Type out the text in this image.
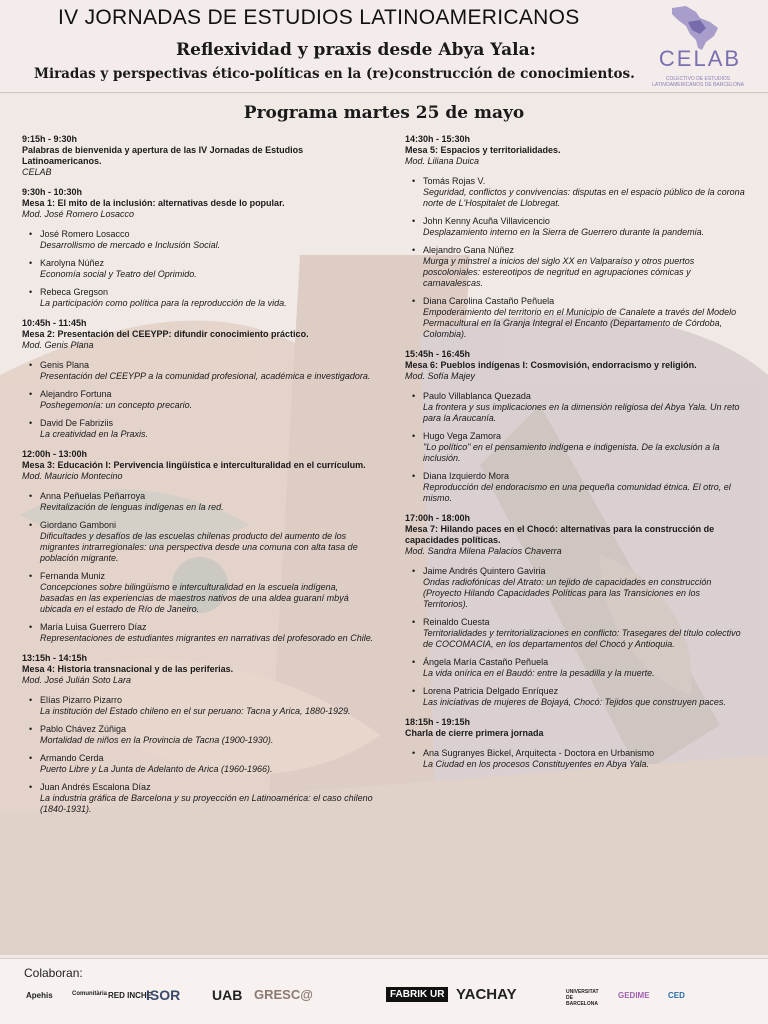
IV JORNADAS DE ESTUDIOS LATINOAMERICANOS
Reflexividad y praxis desde Abya Yala:
Miradas y perspectivas ético-políticas en la (re)construcción de conocimientos.
CELAB
COLECTIVO DE ESTUDIOS LATINOAMERICANOS DE BARCELONA
Programa martes 25 de mayo
9:15h - 9:30h
Palabras de bienvenida y apertura de las IV Jornadas de Estudios Latinoamericanos.
CELAB
9:30h - 10:30h
Mesa 1: El mito de la inclusión: alternativas desde lo popular.
Mod. José Romero Losacco
• José Romero Losacco
Desarrollismo de mercado e Inclusión Social.
• Karolyna Núñez
Economía social y Teatro del Oprimido.
• Rebeca Gregson
La participación como política para la reproducción de la vida.
10:45h - 11:45h
Mesa 2: Presentación del CEEYPP: difundir conocimiento práctico.
Mod. Genis Plana
• Genis Plana
Presentación del CEEYPP a la comunidad profesional, académica e investigadora.
• Alejandro Fortuna
Poshegemonía: un concepto precario.
• David De Fabriziis
La creatividad en la Praxis.
12:00h - 13:00h
Mesa 3: Educación I: Pervivencia lingüística e interculturalidad en el currículum.
Mod. Mauricio Montecino
• Anna Peñuelas Peñarroya
Revitalización de lenguas indígenas en la red.
• Giordano Gamboni
Dificultades y desafíos de las escuelas chilenas producto del aumento de los migrantes intrarregionales: una perspectiva desde una comuna con alta tasa de población migrante.
• Fernanda Muniz
Concepciones sobre bilingüismo e interculturalidad en la escuela indígena, basadas en las experiencias de maestros nativos de una aldea guaraní mbyá ubicada en el estado de Río de Janeiro.
• María Luisa Guerrero Díaz
Representaciones de estudiantes migrantes en narrativas del profesorado en Chile.
13:15h - 14:15h
Mesa 4: Historia transnacional y de las periferias.
Mod. José Julián Soto Lara
• Elías Pizarro Pizarro
La institución del Estado chileno en el sur peruano: Tacna y Arica, 1880-1929.
• Pablo Chávez Zúñiga
Mortalidad de niños en la Provincia de Tacna (1900-1930).
• Armando Cerda
Puerto Libre y La Junta de Adelanto de Arica (1960-1966).
• Juan Andrés Escalona Díaz
La industria gráfica de Barcelona y su proyección en Latinoamérica: el caso chileno (1840-1931).
14:30h - 15:30h
Mesa 5: Espacios y territorialidades.
Mod. Liliana Duica
• Tomás Rojas V.
Seguridad, conflictos y convivencias: disputas en el espacio público de la corona norte de L'Hospitalet de Llobregat.
• John Kenny Acuña Villavicencio
Desplazamiento interno en la Sierra de Guerrero durante la pandemia.
• Alejandro Gana Núñez
Murga y minstrel a inicios del siglo XX en Valparaíso y otros puertos poscoloniales: estereotipos de negritud en agrupaciones cómicas y carnavalescas.
• Diana Carolina Castaño Peñuela
Empoderamiento del territorio en el Municipio de Canalete a través del Modelo Permacultural en la Granja Integral el Encanto (Departamento de Córdoba, Colombia).
15:45h - 16:45h
Mesa 6: Pueblos indígenas I: Cosmovisión, endorracismo y religión.
Mod. Sofía Majey
• Paulo Villablanca Quezada
La frontera y sus implicaciones en la dimensión religiosa del Abya Yala. Un reto para la Araucanía.
• Hugo Vega Zamora
"Lo político" en el pensamiento indígena e indigenista. De la exclusión a la inclusión.
• Diana Izquierdo Mora
Reproducción del endoracismo en una pequeña comunidad étnica. El otro, el mismo.
17:00h - 18:00h
Mesa 7: Hilando paces en el Chocó: alternativas para la construcción de capacidades políticas.
Mod. Sandra Milena Palacios Chaverra
• Jaime Andrés Quintero Gaviria
Ondas radiofónicas del Atrato: un tejido de capacidades en construcción (Proyecto Hilando Capacidades Políticas para las Transiciones en los Territorios).
• Reinaldo Cuesta
Territorialidades y territorializaciones en conflicto: Trasegares del título colectivo de COCOMACIA, en los departamentos del Chocó y Antioquia.
• Ángela María Castaño Peñuela
La vida onírica en el Baudó: entre la pesadilla y la muerte.
• Lorena Patricia Delgado Enríquez
Las iniciativas de mujeres de Bojayá, Chocó: Tejidos que construyen paces.
18:15h - 19:15h
Charla de cierre primera jornada
• Ana Sugranyes Bickel, Arquitecta - Doctora en Urbanismo
La Ciudad en los procesos Constituyentes en Abya Yala.
Colaboran:
Apehis	Comunitària RED INCHE
ISOR UAB GRESC@	FABRIK UR YACHAY	UNIVERSITAT DE BARCELONA
GEDIME CED
